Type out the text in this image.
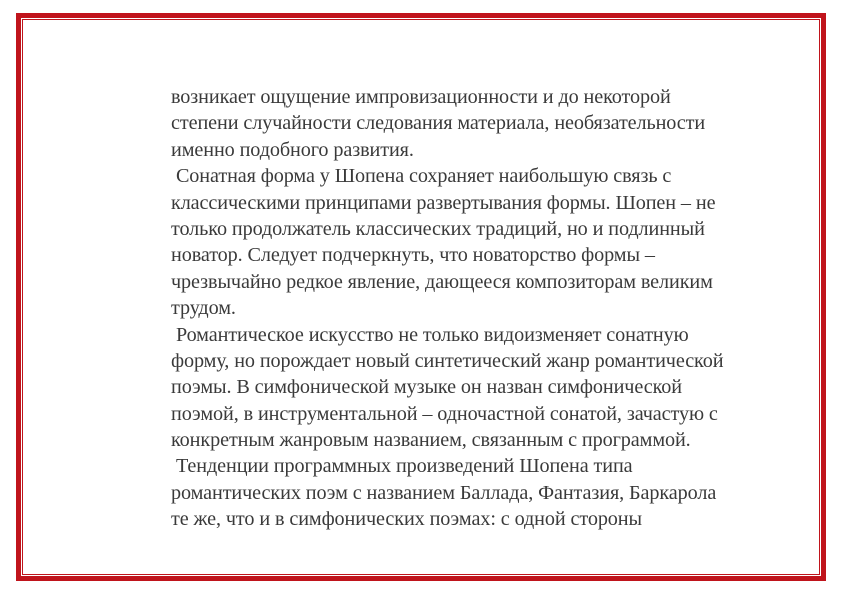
возникает ощущение импровизационности и до некоторой
степени случайности следования материала, необязательности
именно подобного развития.
Сонатная форма у Шопена сохраняет наибольшую связь с
классическими принципами развертывания формы. Шопен – не
только продолжатель классических традиций, но и подлинный
новатор. Следует подчеркнуть, что новаторство формы –
чрезвычайно редкое явление, дающееся композиторам великим
трудом.
Романтическое искусство не только видоизменяет сонатную
форму, но порождает новый синтетический жанр романтической
поэмы. В симфонической музыке он назван симфонической
поэмой, в инструментальной – одночастной сонатой, зачастую с
конкретным жанровым названием, связанным с программой.
Тенденции программных произведений Шопена типа
романтических поэм с названием Баллада, Фантазия, Баркарола
те же, что и в симфонических поэмах: с одной стороны
